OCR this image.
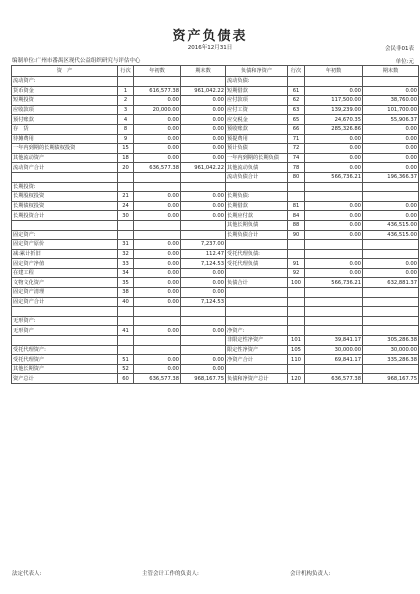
资产负债表
2016年12月31日	会民非01表
编制单位:广州市番禺区现代公益组织研究与评估中心	单位:元
资　产	行次	年初数	期末数	负债和净资产	行次	年初数	期末数
流动资产:				流动负债:			
货币资金	1	616,577.38	961,042.22	短期借款	61	0.00	0.00
短期投资	2	0.00	0.00	应付款项	62	117,500.00	38,760.00
应收款项	3	20,000.00	0.00	应付工资	63	139,239.00	101,700.00
预付账款	4	0.00	0.00	应交税金	65	24,670.35	55,906.37
存　货	8	0.00	0.00	预收账款	66	285,326.86	0.00
待摊费用	9	0.00	0.00	预提费用	71	0.00	0.00
一年内到期的长期债权投资	15	0.00	0.00	预计负债	72	0.00	0.00
其他流动资产	18	0.00	0.00	一年内到期的长期负债	74	0.00	0.00
流动资产合计	20	636,577.38	961,042.22	其他流动负债	78	0.00	0.00
				流动负债合计	80	566,736.21	196,366.37
长期投资:							
长期股权投资	21	0.00	0.00	长期负债:			
长期债权投资	24	0.00	0.00	长期借款	81	0.00	0.00
长期投资合计	30	0.00	0.00	长期应付款	84	0.00	0.00
				其他长期负债	88	0.00	436,515.00
固定资产:				长期负债合计	90	0.00	436,515.00
固定资产原价	31	0.00	7,237.00				
减:累计折旧	32	0.00	112.47	受托代理负债:			
固定资产净值	33	0.00	7,124.53	受托代理负债	91	0.00	0.00
在建工程	34	0.00	0.00		92	0.00	0.00
文物文化资产	35	0.00	0.00	负债合计	100	566,736.21	632,881.37
固定资产清理	38	0.00	0.00				
固定资产合计	40	0.00	7,124.53				

无形资产:							
无形资产	41	0.00	0.00	净资产:			
				非限定性净资产	101	39,841.17	305,286.38
受托代理资产:				限定性净资产	105	30,000.00	30,000.00
受托代理资产	51	0.00	0.00	净资产合计	110	69,841.17	335,286.38
其他长期资产	52	0.00	0.00				
资产总计	60	636,577.38	968,167.75	负债和净资产总计	120	636,577.38	968,167.75
法定代表人:	主管会计工作的负责人:	会计机构负责人:
